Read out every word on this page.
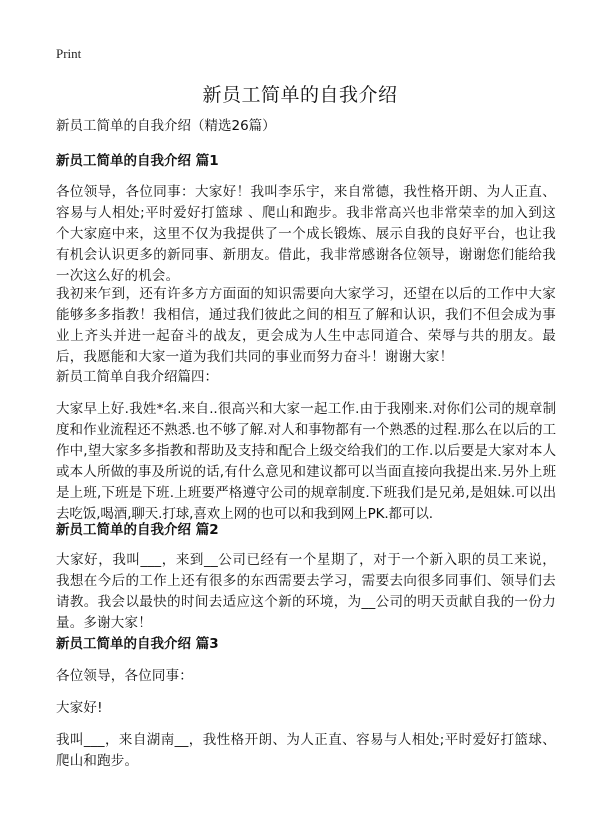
Print
新员工简单的自我介绍

新员工简单的自我介绍（精选26篇）

新员工简单的自我介绍 篇1

各位领导，各位同事：大家好！我叫李乐宇，来自常德，我性格开朗、为人正直、容易与人相处;平时爱好打篮球 、爬山和跑步。我非常高兴也非常荣幸的加入到这个大家庭中来，这里不仅为我提供了一个成长锻炼、展示自我的良好平台，也让我有机会认识更多的新同事、新朋友。借此，我非常感谢各位领导，谢谢您们能给我一次这么好的机会。

我初来乍到，还有许多方方面面的知识需要向大家学习，还望在以后的工作中大家能够多多指教！我相信，通过我们彼此之间的相互了解和认识，我们不但会成为事业上齐头并进一起奋斗的战友，更会成为人生中志同道合、荣辱与共的朋友。最后，我愿能和大家一道为我们共同的事业而努力奋斗！谢谢大家！

新员工简单自我介绍篇四：

大家早上好.我姓*名.来自..很高兴和大家一起工作.由于我刚来.对你们公司的规章制度和作业流程还不熟悉.也不够了解.对人和事物都有一个熟悉的过程.那么在以后的工作中,望大家多多指教和帮助及支持和配合上级交给我们的工作.以后要是大家对本人或本人所做的事及所说的话,有什么意见和建议都可以当面直接向我提出来.另外上班是上班,下班是下班.上班要严格遵守公司的规章制度.下班我们是兄弟,是姐妹.可以出去吃饭,喝酒,聊天.打球,喜欢上网的也可以和我到网上PK.都可以.

新员工简单的自我介绍 篇2

大家好，我叫___，来到__公司已经有一个星期了，对于一个新入职的员工来说，我想在今后的工作上还有很多的东西需要去学习，需要去向很多同事们、领导们去请教。我会以最快的时间去适应这个新的环境，为__公司的明天贡献自我的一份力量。多谢大家！

新员工简单的自我介绍 篇3

各位领导，各位同事：

大家好!

我叫___，来自湖南__，我性格开朗、为人正直、容易与人相处;平时爱好打篮球、爬山和跑步。
